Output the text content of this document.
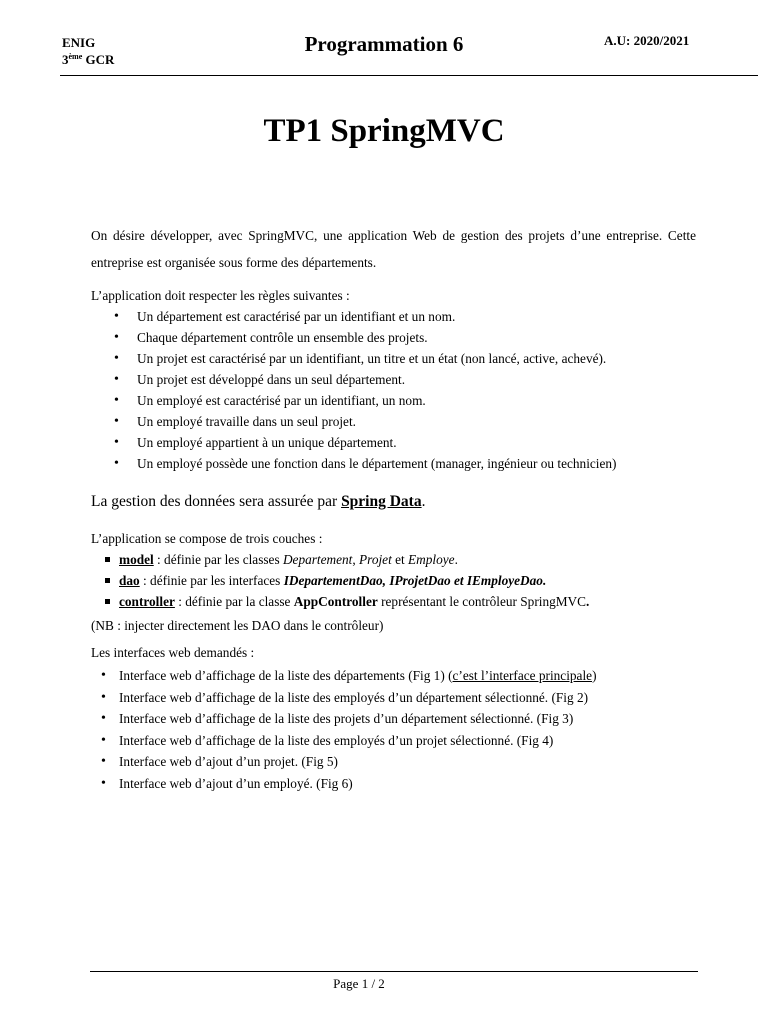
ENIG
3ème GCR
Programmation 6	A.U: 2020/2021
TP1 SpringMVC

On désire développer, avec SpringMVC, une application Web de gestion des projets d’une entreprise. Cette entreprise est organisée sous forme des départements.

L’application doit respecter les règles suivantes :

• Un département est caractérisé par un identifiant et un nom.
• Chaque département contrôle un ensemble des projets.
• Un projet est caractérisé par un identifiant, un titre et un état (non lancé, active, achevé).
• Un projet est développé dans un seul département.
• Un employé est caractérisé par un identifiant, un nom.
• Un employé travaille dans un seul projet.
• Un employé appartient à un unique département.
• Un employé possède une fonction dans le département (manager, ingénieur ou technicien)

La gestion des données sera assurée par Spring Data.

L’application se compose de trois couches :

model : définie par les classes Departement, Projet et Employe.
dao : définie par les interfaces IDepartementDao, IProjetDao et IEmployeDao.
controller : définie par la classe AppController représentant le contrôleur SpringMVC.

(NB : injecter directement les DAO dans le contrôleur)

Les interfaces web demandés :

• Interface web d’affichage de la liste des départements (Fig 1) (c’est l’interface principale)
• Interface web d’affichage de la liste des employés d’un département sélectionné. (Fig 2)
• Interface web d’affichage de la liste des projets d’un département sélectionné. (Fig 3)
• Interface web d’affichage de la liste des employés d’un projet sélectionné. (Fig 4)
• Interface web d’ajout d’un projet. (Fig 5)
• Interface web d’ajout d’un employé. (Fig 6)
Page 1 / 2
